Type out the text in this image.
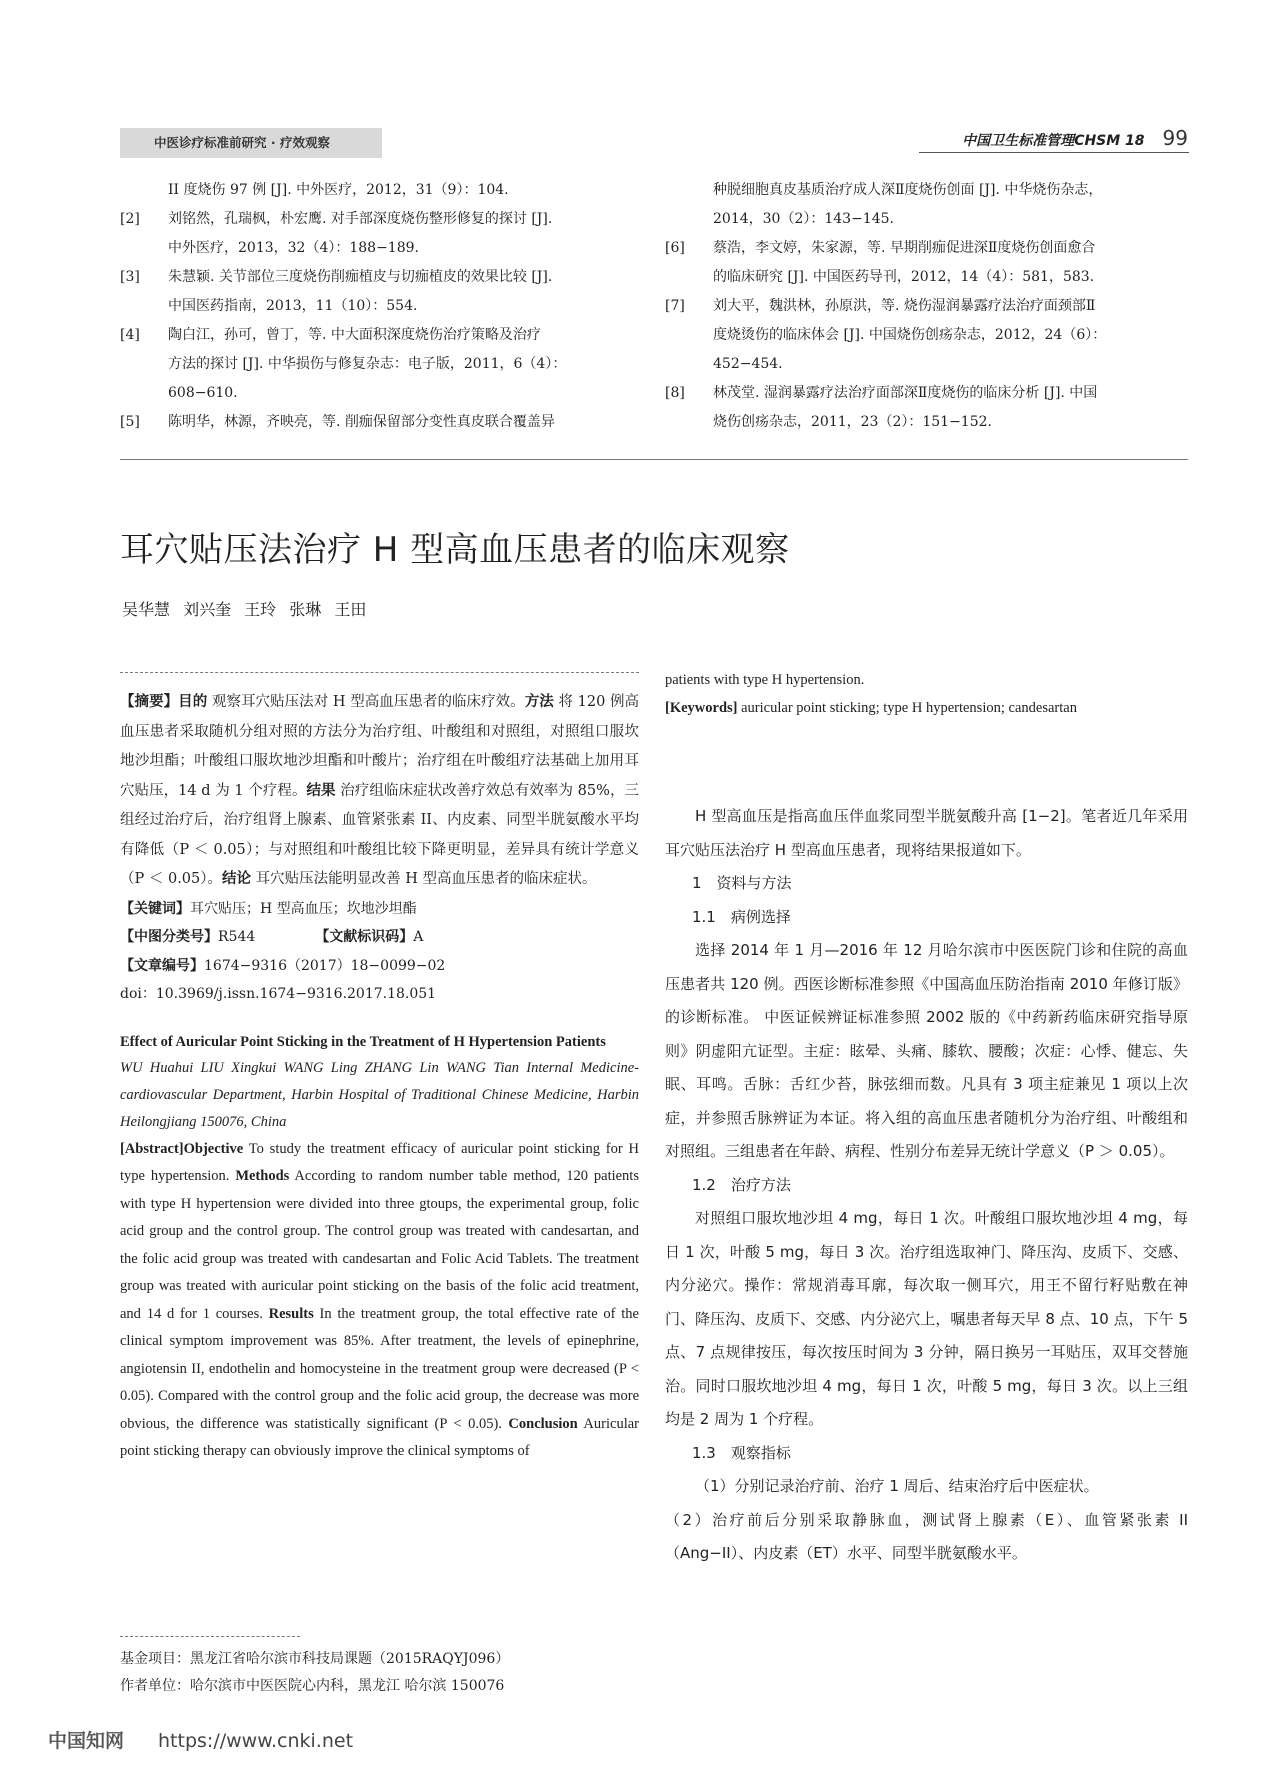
中医诊疗标准前研究 · 疗效观察	中国卫生标准管理CHSM 18 99
II 度烧伤 97 例 [J]. 中外医疗，2012，31（9）：104.
[2]	刘铭然，孔瑞枫，朴宏鹰. 对手部深度烧伤整形修复的探讨 [J].
中外医疗，2013，32（4）：188−189.
[3]	朱慧颖. 关节部位三度烧伤削痂植皮与切痂植皮的效果比较 [J].
中国医药指南，2013，11（10）：554.
[4]	陶白江，孙可，曾丁，等. 中大面积深度烧伤治疗策略及治疗
方法的探讨 [J]. 中华损伤与修复杂志：电子版，2011，6（4）：
608−610.
[5]	陈明华，林源，齐映亮，等. 削痂保留部分变性真皮联合覆盖异
种脱细胞真皮基质治疗成人深Ⅱ度烧伤创面 [J]. 中华烧伤杂志，
2014，30（2）：143−145.
[6]	蔡浩，李文婷，朱家源，等. 早期削痂促进深Ⅱ度烧伤创面愈合
的临床研究 [J]. 中国医药导刊，2012，14（4）：581，583.
[7]	刘大平，魏洪林，孙原洪，等. 烧伤湿润暴露疗法治疗面颈部Ⅱ
度烧烫伤的临床体会 [J]. 中国烧伤创疡杂志，2012，24（6）：
452−454.
[8]	林茂堂. 湿润暴露疗法治疗面部深Ⅱ度烧伤的临床分析 [J]. 中国
烧伤创疡杂志，2011，23（2）：151−152.
耳穴贴压法治疗 H 型高血压患者的临床观察
吴华慧 刘兴奎 王玲 张琳 王田
【摘要】目的 观察耳穴贴压法对 H 型高血压患者的临床疗效。方法 将 120 例高血压患者采取随机分组对照的方法分为治疗组、叶酸组和对照组，对照组口服坎地沙坦酯；叶酸组口服坎地沙坦酯和叶酸片；治疗组在叶酸组疗法基础上加用耳穴贴压，14 d 为 1 个疗程。结果 治疗组临床症状改善疗效总有效率为 85%，三组经过治疗后，治疗组肾上腺素、血管紧张素 II、内皮素、同型半胱氨酸水平均有降低（P ＜ 0.05）；与对照组和叶酸组比较下降更明显，差异具有统计学意义（P ＜ 0.05）。结论 耳穴贴压法能明显改善 H 型高血压患者的临床症状。
【关键词】耳穴贴压；H 型高血压；坎地沙坦酯
【中图分类号】R544	【文献标识码】A
【文章编号】1674−9316（2017）18−0099−02
doi：10.3969/j.issn.1674−9316.2017.18.051
Effect of Auricular Point Sticking in the Treatment of H Hypertension Patients
WU Huahui LIU Xingkui WANG Ling ZHANG Lin WANG Tian Internal Medicine-cardiovascular Department, Harbin Hospital of Traditional Chinese Medicine, Harbin Heilongjiang 150076, China
[Abstract]Objective To study the treatment efficacy of auricular point sticking for H type hypertension. Methods According to random number table method, 120 patients with type H hypertension were divided into three gtoups, the experimental group, folic acid group and the control group. The control group was treated with candesartan, and the folic acid group was treated with candesartan and Folic Acid Tablets. The treatment group was treated with auricular point sticking on the basis of the folic acid treatment, and 14 d for 1 courses. Results In the treatment group, the total effective rate of the clinical symptom improvement was 85%. After treatment, the levels of epinephrine, angiotensin II, endothelin and homocysteine in the treatment group were decreased (P < 0.05). Compared with the control group and the folic acid group, the decrease was more obvious, the difference was statistically significant (P < 0.05). Conclusion Auricular point sticking therapy can obviously improve the clinical symptoms of
基金项目：黑龙江省哈尔滨市科技局课题（2015RAQYJ096）
作者单位：哈尔滨市中医医院心内科，黑龙江 哈尔滨 150076
patients with type H hypertension.
[Keywords] auricular point sticking; type H hypertension; candesartan

H 型高血压是指高血压伴血浆同型半胱氨酸升高 [1−2]。笔者近几年采用耳穴贴压法治疗 H 型高血压患者，现将结果报道如下。

1　资料与方法

1.1　病例选择

选择 2014 年 1 月—2016 年 12 月哈尔滨市中医医院门诊和住院的高血压患者共 120 例。西医诊断标准参照《中国高血压防治指南 2010 年修订版》的诊断标准。 中医证候辨证标准参照 2002 版的《中药新药临床研究指导原则》阴虚阳亢证型。主症：眩晕、头痛、膝软、腰酸；次症：心悸、健忘、失眠、耳鸣。舌脉：舌红少苔，脉弦细而数。凡具有 3 项主症兼见 1 项以上次症，并参照舌脉辨证为本证。将入组的高血压患者随机分为治疗组、叶酸组和对照组。三组患者在年龄、病程、性别分布差异无统计学意义（P ＞ 0.05）。

1.2　治疗方法

对照组口服坎地沙坦 4 mg，每日 1 次。叶酸组口服坎地沙坦 4 mg，每日 1 次，叶酸 5 mg，每日 3 次。治疗组选取神门、降压沟、皮质下、交感、内分泌穴。操作：常规消毒耳廓，每次取一侧耳穴，用王不留行籽贴敷在神门、降压沟、皮质下、交感、内分泌穴上，嘱患者每天早 8 点、10 点，下午 5 点、7 点规律按压，每次按压时间为 3 分钟，隔日换另一耳贴压，双耳交替施治。同时口服坎地沙坦 4 mg，每日 1 次，叶酸 5 mg，每日 3 次。以上三组均是 2 周为 1 个疗程。

1.3　观察指标

（1）分别记录治疗前、治疗 1 周后、结束治疗后中医症状。

（2）治疗前后分别采取静脉血，测试肾上腺素（E）、血管紧张素 II（Ang−II）、内皮素（ET）水平、同型半胱氨酸水平。

中国知网 https://www.cnki.net
